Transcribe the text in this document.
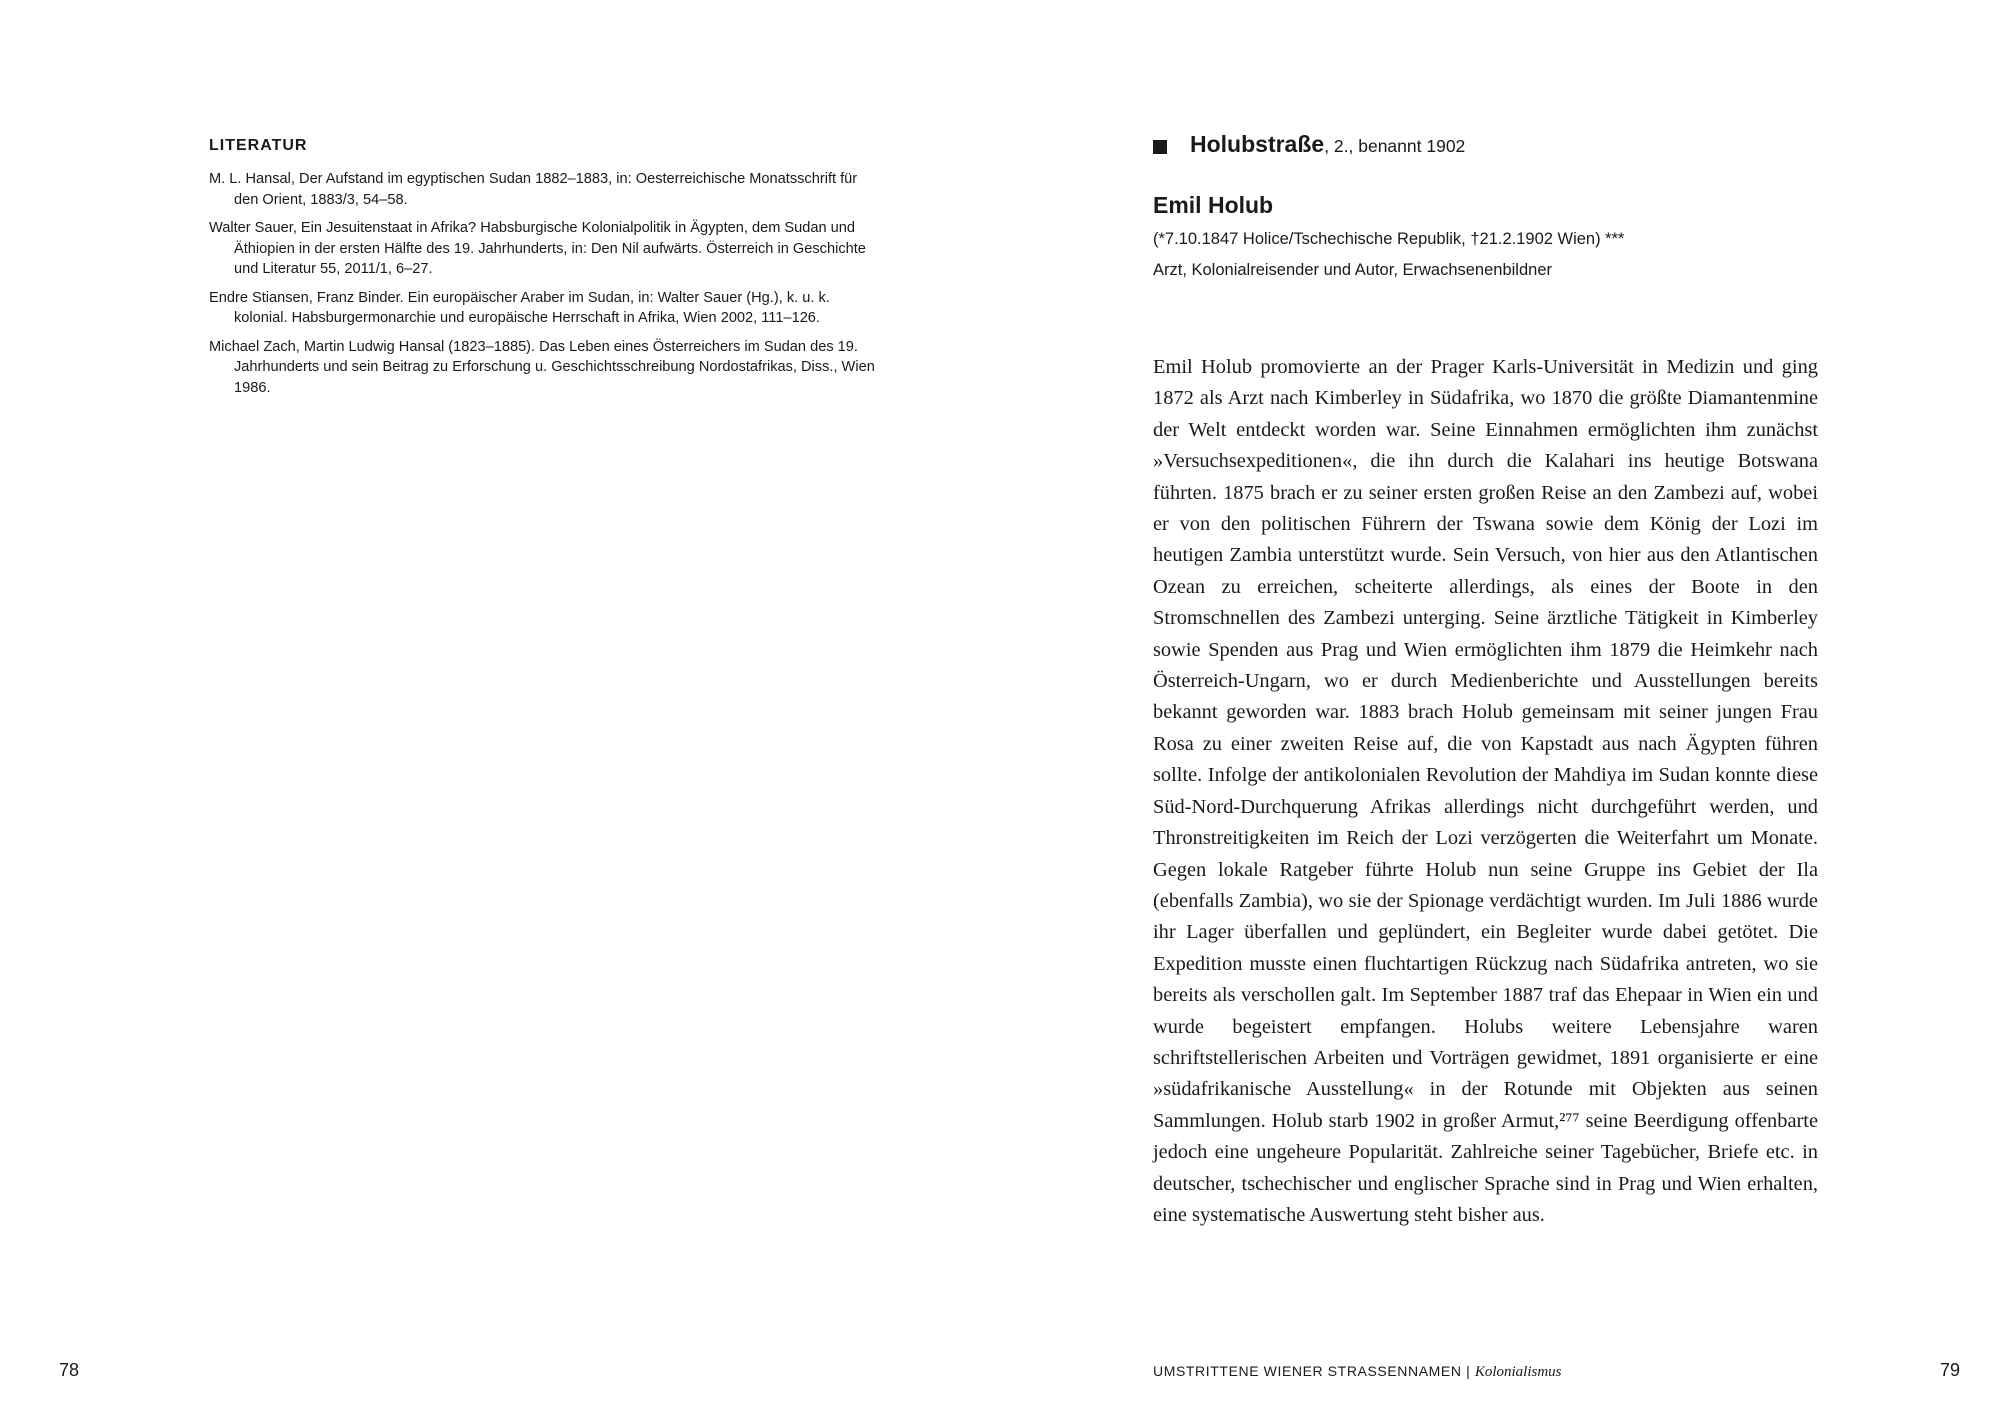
LITERATUR
M. L. Hansal, Der Aufstand im egyptischen Sudan 1882–1883, in: Oesterreichische Monatsschrift für den Orient, 1883/3, 54–58.
Walter Sauer, Ein Jesuitenstaat in Afrika? Habsburgische Kolonialpolitik in Ägypten, dem Sudan und Äthiopien in der ersten Hälfte des 19. Jahrhunderts, in: Den Nil aufwärts. Österreich in Geschichte und Literatur 55, 2011/1, 6–27.
Endre Stiansen, Franz Binder. Ein europäischer Araber im Sudan, in: Walter Sauer (Hg.), k. u. k. kolonial. Habsburgermonarchie und europäische Herrschaft in Afrika, Wien 2002, 111–126.
Michael Zach, Martin Ludwig Hansal (1823–1885). Das Leben eines Österreichers im Sudan des 19. Jahrhunderts und sein Beitrag zu Erforschung u. Geschichtsschreibung Nordostafrikas, Diss., Wien 1986.
78
Holubstraße, 2., benannt 1902
Emil Holub
(*7.10.1847 Holice/Tschechische Republik, †21.2.1902 Wien) ***
Arzt, Kolonialreisender und Autor, Erwachsenenbildner

Emil Holub promovierte an der Prager Karls-Universität in Medizin und ging 1872 als Arzt nach Kimberley in Südafrika, wo 1870 die größte Diamantenmine der Welt entdeckt worden war. Seine Einnahmen ermöglichten ihm zunächst »Versuchsexpeditionen«, die ihn durch die Kalahari ins heutige Botswana führten. 1875 brach er zu seiner ersten großen Reise an den Zambezi auf, wobei er von den politischen Führern der Tswana sowie dem König der Lozi im heutigen Zambia unterstützt wurde. Sein Versuch, von hier aus den Atlantischen Ozean zu erreichen, scheiterte allerdings, als eines der Boote in den Stromschnellen des Zambezi unterging. Seine ärztliche Tätigkeit in Kimberley sowie Spenden aus Prag und Wien ermöglichten ihm 1879 die Heimkehr nach Österreich-Ungarn, wo er durch Medienberichte und Ausstellungen bereits bekannt geworden war. 1883 brach Holub gemeinsam mit seiner jungen Frau Rosa zu einer zweiten Reise auf, die von Kapstadt aus nach Ägypten führen sollte. Infolge der antikolonialen Revolution der Mahdiya im Sudan konnte diese Süd-Nord-Durchquerung Afrikas allerdings nicht durchgeführt werden, und Thronstreitigkeiten im Reich der Lozi verzögerten die Weiterfahrt um Monate. Gegen lokale Ratgeber führte Holub nun seine Gruppe ins Gebiet der Ila (ebenfalls Zambia), wo sie der Spionage verdächtigt wurden. Im Juli 1886 wurde ihr Lager überfallen und geplündert, ein Begleiter wurde dabei getötet. Die Expedition musste einen fluchtartigen Rückzug nach Südafrika antreten, wo sie bereits als verschollen galt. Im September 1887 traf das Ehepaar in Wien ein und wurde begeistert empfangen. Holubs weitere Lebensjahre waren schriftstellerischen Arbeiten und Vorträgen gewidmet, 1891 organisierte er eine »südafrikanische Ausstellung« in der Rotunde mit Objekten aus seinen Sammlungen. Holub starb 1902 in großer Armut,²⁷⁷ seine Beerdigung offenbarte jedoch eine ungeheure Popularität. Zahlreiche seiner Tagebücher, Briefe etc. in deutscher, tschechischer und englischer Sprache sind in Prag und Wien erhalten, eine systematische Auswertung steht bisher aus.

UMSTRITTENE WIENER STRASSENNAMEN | Kolonialismus	79
